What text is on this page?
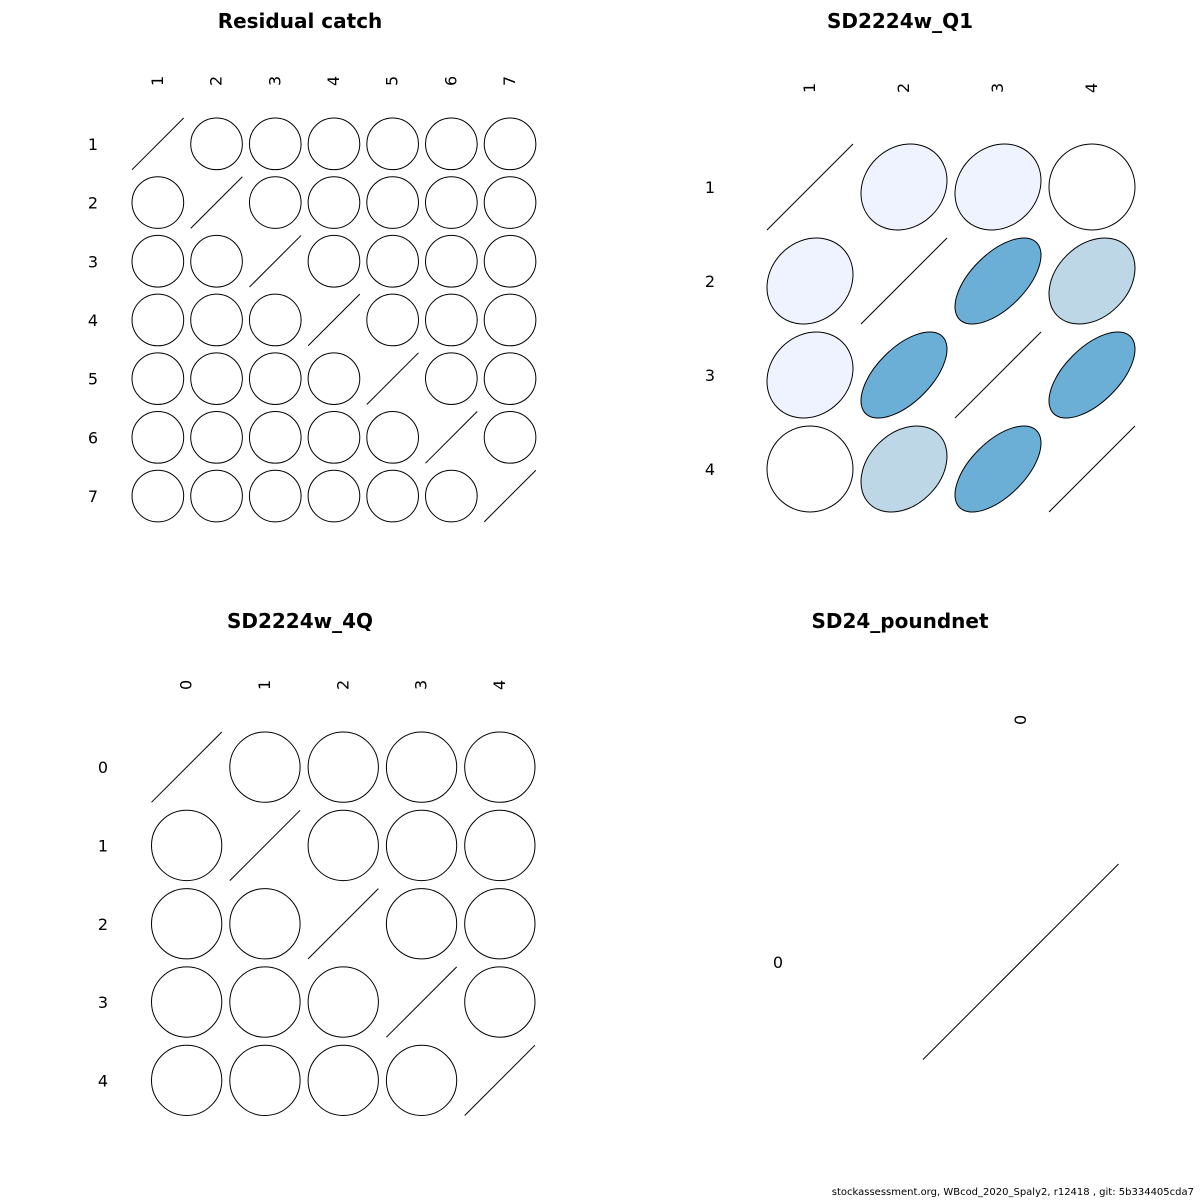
Residual catch
1
1
2
2
3
3
4
4
5
5
6
6
7
7
SD2224w_Q1
1
1
2
2
3
3
4
4
SD2224w_4Q
0
0
1
1
2
2
3
3
4
4
SD24_poundnet
0
0
stockassessment.org, WBcod_2020_Spaly2, r12418 , git: 5b334405cda7
